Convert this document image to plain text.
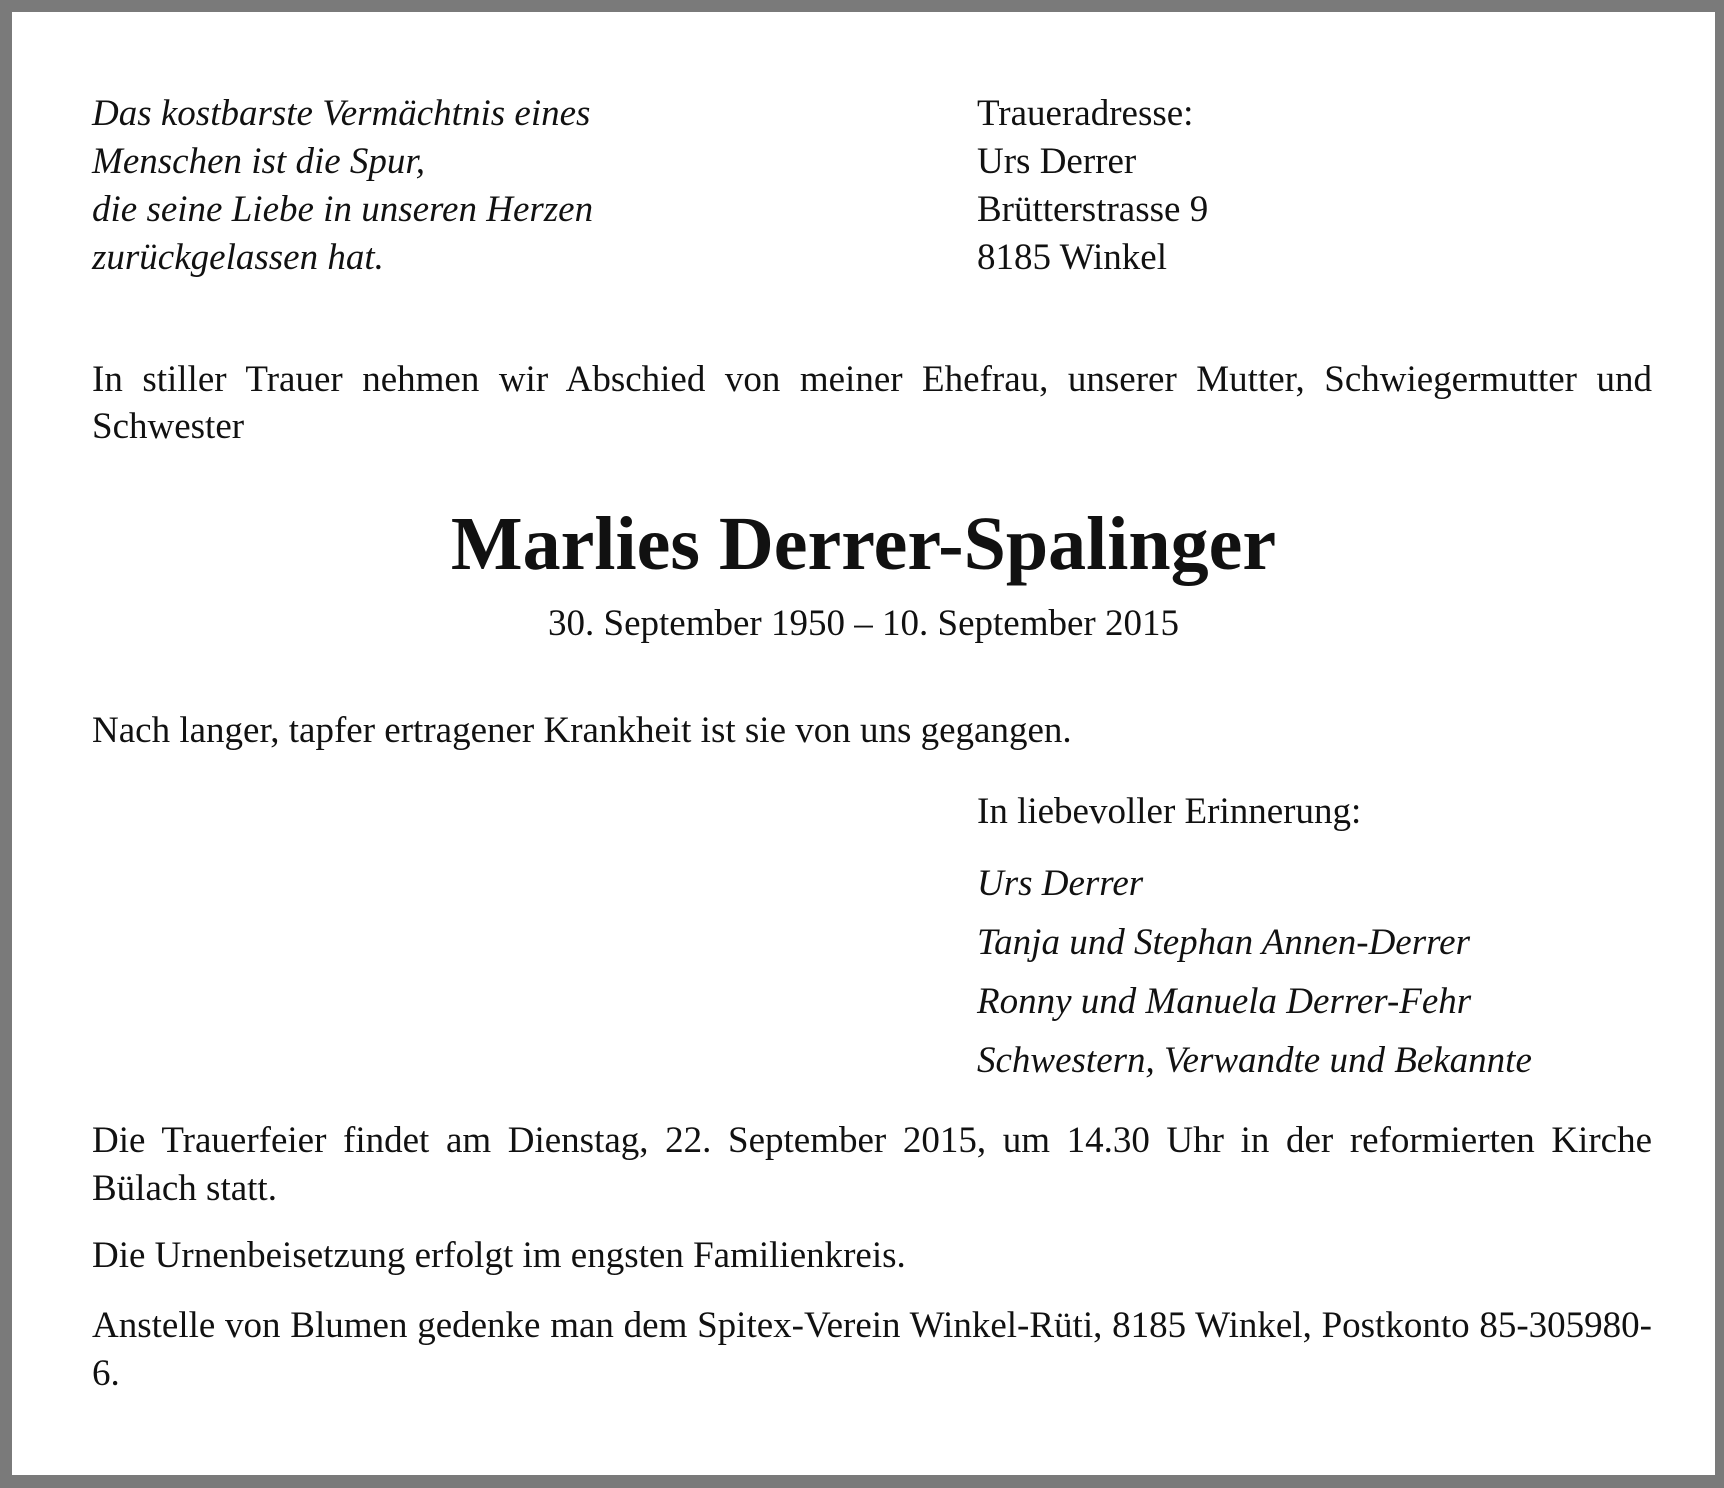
Das kostbarste Vermächtnis eines
Menschen ist die Spur,
die seine Liebe in unseren Herzen
zurückgelassen hat.
Traueradresse:
Urs Derrer
Brütterstrasse 9
8185 Winkel
In stiller Trauer nehmen wir Abschied von meiner Ehefrau, unserer Mutter, Schwiegermutter und Schwester
Marlies Derrer-Spalinger
30. September 1950 – 10. September 2015
Nach langer, tapfer ertragener Krankheit ist sie von uns gegangen.
In liebevoller Erinnerung:
Urs Derrer
Tanja und Stephan Annen-Derrer
Ronny und Manuela Derrer-Fehr
Schwestern, Verwandte und Bekannte
Die Trauerfeier findet am Dienstag, 22. September 2015, um 14.30 Uhr in der reformierten Kirche Bülach statt.
Die Urnenbeisetzung erfolgt im engsten Familienkreis.
Anstelle von Blumen gedenke man dem Spitex-Verein Winkel-Rüti, 8185 Winkel, Postkonto 85-305980-6.
